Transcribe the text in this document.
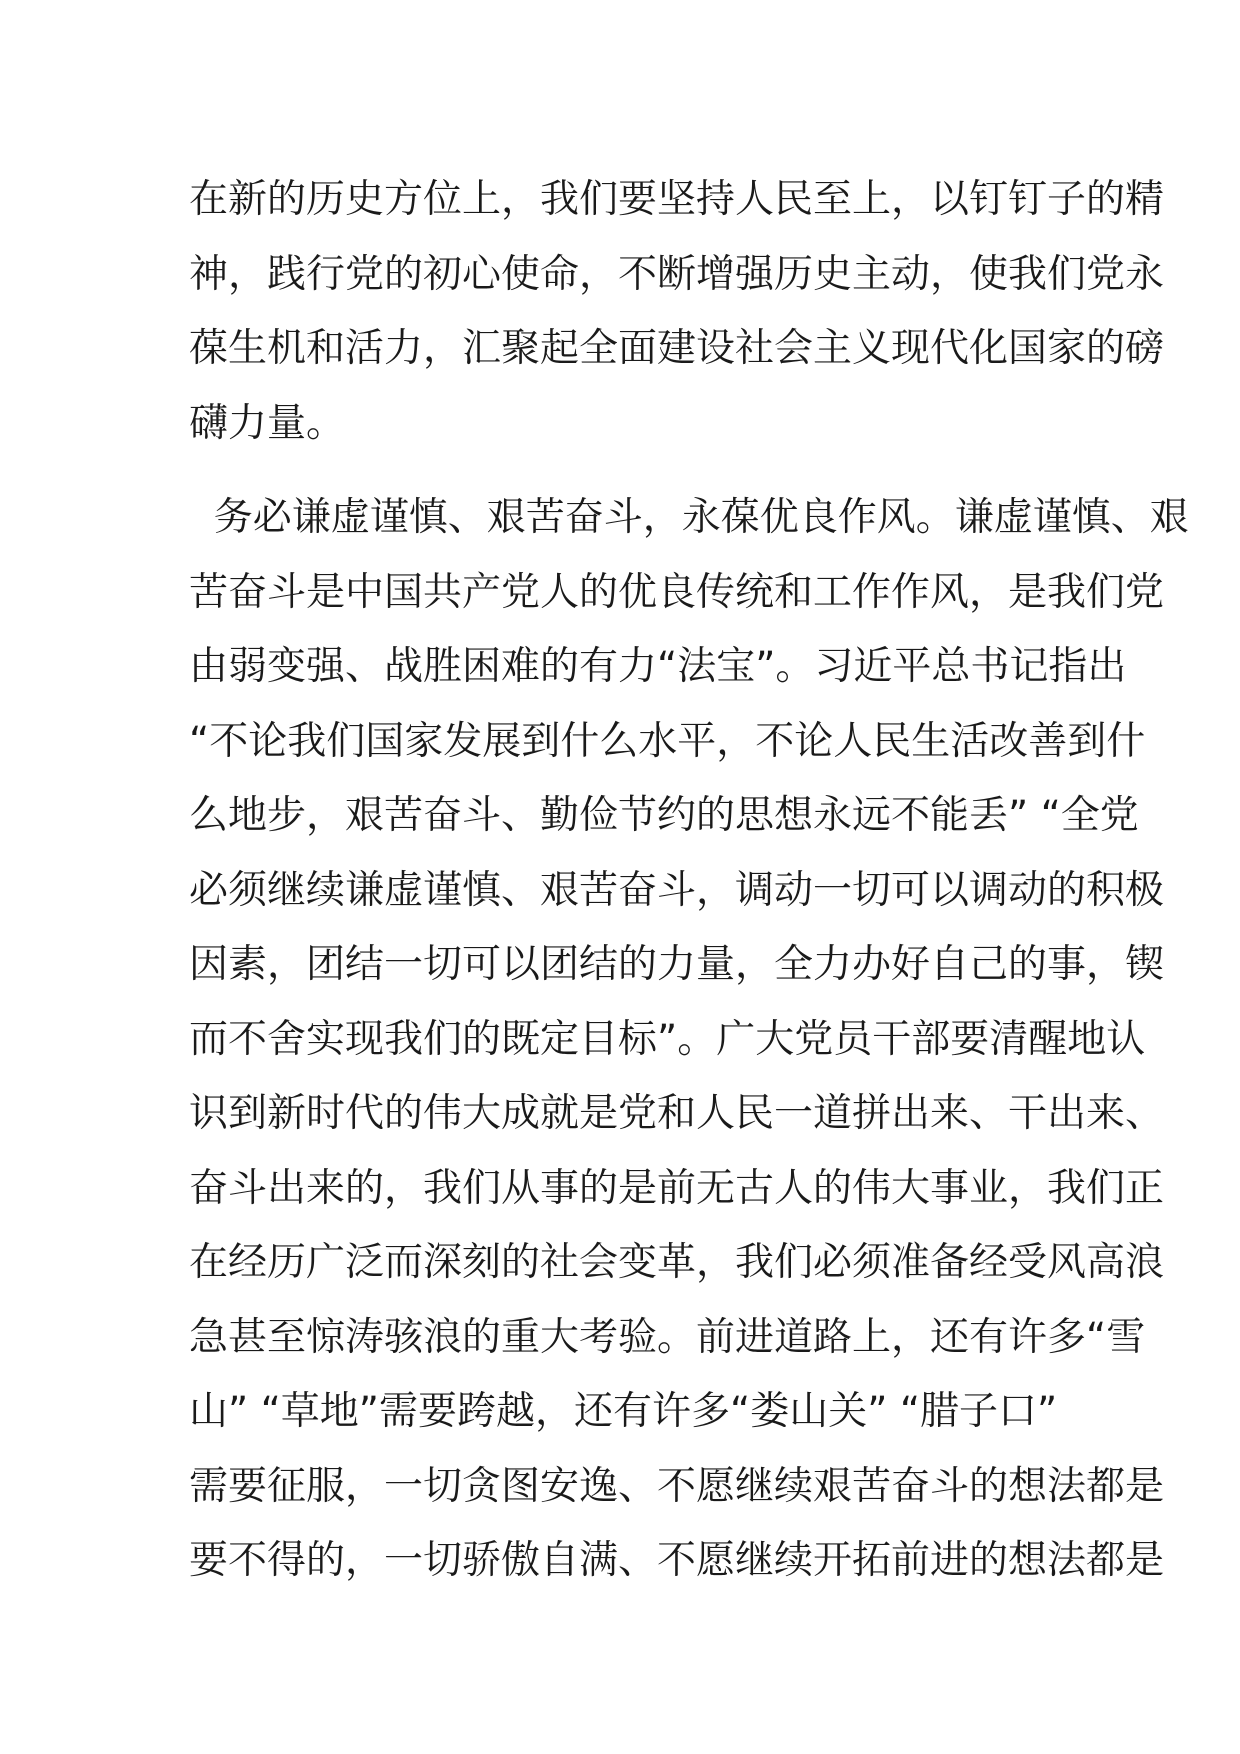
在新的历史方位上，我们要坚持人民至上，以钉钉子的精
神，践行党的初心使命，不断增强历史主动，使我们党永
葆生机和活力，汇聚起全面建设社会主义现代化国家的磅
礴力量。
务必谦虚谨慎、艰苦奋斗，永葆优良作风。谦虚谨慎、艰
苦奋斗是中国共产党人的优良传统和工作作风，是我们党
由弱变强、战胜困难的有力“法宝”。习近平总书记指出
“不论我们国家发展到什么水平，不论人民生活改善到什
么地步，艰苦奋斗、勤俭节约的思想永远不能丢” “全党
必须继续谦虚谨慎、艰苦奋斗，调动一切可以调动的积极
因素，团结一切可以团结的力量，全力办好自己的事，锲
而不舍实现我们的既定目标”。广大党员干部要清醒地认
识到新时代的伟大成就是党和人民一道拼出来、干出来、
奋斗出来的，我们从事的是前无古人的伟大事业，我们正
在经历广泛而深刻的社会变革，我们必须准备经受风高浪
急甚至惊涛骇浪的重大考验。前进道路上，还有许多“雪
山” “草地”需要跨越，还有许多“娄山关” “腊子口”
需要征服，一切贪图安逸、不愿继续艰苦奋斗的想法都是
要不得的，一切骄傲自满、不愿继续开拓前进的想法都是
